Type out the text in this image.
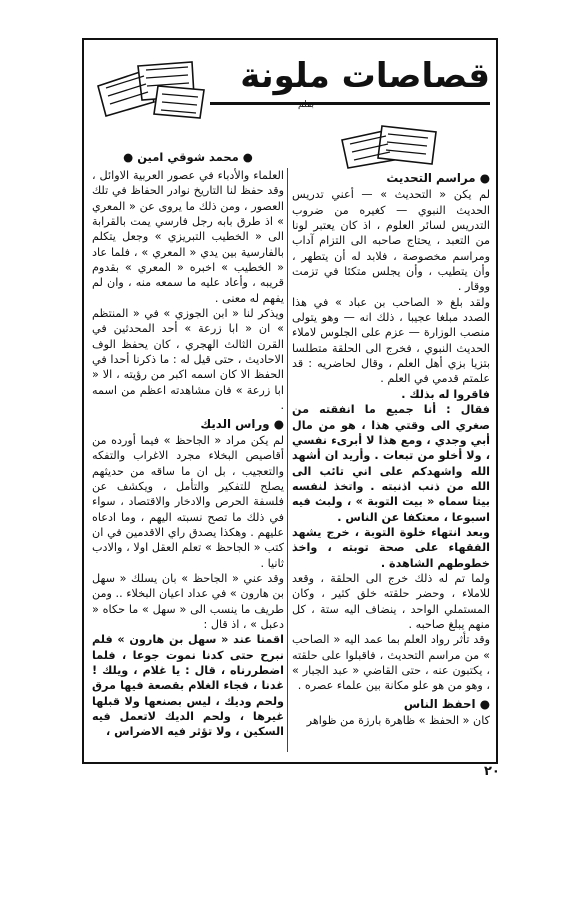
قصاصات ملونة
بقلم
● محمد شوقي امين ●

● مراسم التحديث

لم يكن « التحديث » — أعني تدريس الحديث النبوي — كغيره من ضروب التدريس لسائر العلوم ، اذ كان يعتبر لونا من التعبد ، يحتاج صاحبه الى التزام آداب ومراسم مخصوصة ، فلابد له أن يتطهر ، وأن يتطيب ، وأن يجلس متكئا في تزمت ووقار .

ولقد بلغ « الصاحب بن عباد » في هذا الصدد مبلغا عجيبا ، ذلك انه — وهو يتولى منصب الوزارة — عزم على الجلوس لاملاء الحديث النبوي ، فخرج الى الحلقة متطلسا بتزيا بزي أهل العلم ، وقال لحاضريه : قد علمتم قدمي في العلم .

فاقروا له بذلك .

فقال : أنا جميع ما انفقته من صغري الى وقتي هذا ، هو من مال أبي وجدي ، ومع هذا لا أبرىء نفسي ، ولا أخلو من تبعات . وأريد ان أشهد الله واشهدكم على اني تائب الى الله من ذنب اذنبته . واتخذ لنفسه بيتا سماه « بيت التوبة » ، ولبث فيه اسبوعا ، معتكفا عن الناس .

وبعد انتهاء خلوة التوبة ، خرج يشهد الفقهاء على صحة توبته ، واخذ خطوطهم الشاهدة .

ولما تم له ذلك خرج الى الحلقة ، وقعد للاملاء ، وحضر حلقته خلق كثير ، وكان المستملي الواحد ، ينضاف اليه ستة ، كل منهم يبلغ صاحبه .

وقد تأثر رواد العلم بما عمد اليه « الصاحب » من مراسم التحديث ، فاقبلوا على حلقته ، يكتبون عنه ، حتى القاضي « عبد الجبار » ، وهو من هو علو مكانة بين علماء عصره .

● احفظ الناس

كان « الحفظ » ظاهرة بارزة من ظواهر

العلماء والأدباء في عصور العربية الاوائل ، وقد حفظ لنا التاريخ نوادر الحفاظ في تلك العصور ، ومن ذلك ما يروى عن « المعري » اذ طرق بابه رجل فارسي يمت بالقرابة الى « الخطيب التبريزي » وجعل يتكلم بالفارسية بين يدي « المعري » ، فلما عاد « الخطيب » اخبره « المعري » بقدوم قريبه ، وأعاد عليه ما سمعه منه ، وان لم يفهم له معنى .

ويذكر لنا « ابن الجوزي » في « المنتظم » ان « ابا زرعة » أحد المحدثين في القرن الثالث الهجري ، كان يحفظ الوف الاحاديث ، حتى قيل له : ما ذكرنا أحدا في الحفظ الا كان اسمه اكبر من رؤيته ، الا « ابا زرعة » فان مشاهدته اعظم من اسمه .

● وراس الديك

لم يكن مراد « الجاحظ » فيما أورده من أقاصيص البخلاء مجرد الاغراب والتفكه والتعجيب ، بل ان ما ساقه من حديثهم يصلح للتفكير والتأمل ، ويكشف عن فلسفة الحرص والادخار والاقتصاد ، سواء في ذلك ما تصح نسبته اليهم ، وما ادعاه عليهم . وهكذا يصدق راي الاقدمين في ان كتب « الجاحظ » تعلم العقل اولا ، والادب ثانيا .

وقد عني « الجاحظ » بان يسلك « سهل بن هارون » في عداد اعيان البخلاء .. ومن طريف ما ينسب الى « سهل » ما حكاه « دعبل » ، اذ قال :

اقمنا عند « سهل بن هارون » فلم نبرح حتى كدنا نموت جوعا ، فلما اضطررناه ، قال : يا غلام ، ويلك ! غدنا ، فجاء الغلام بقصعة فيها مرق ولحم وديك ، ليس بصنعها ولا قبلها غيرها ، ولحم الديك لاتعمل فيه السكين ، ولا تؤثر فيه الاضراس ،

٢٠
